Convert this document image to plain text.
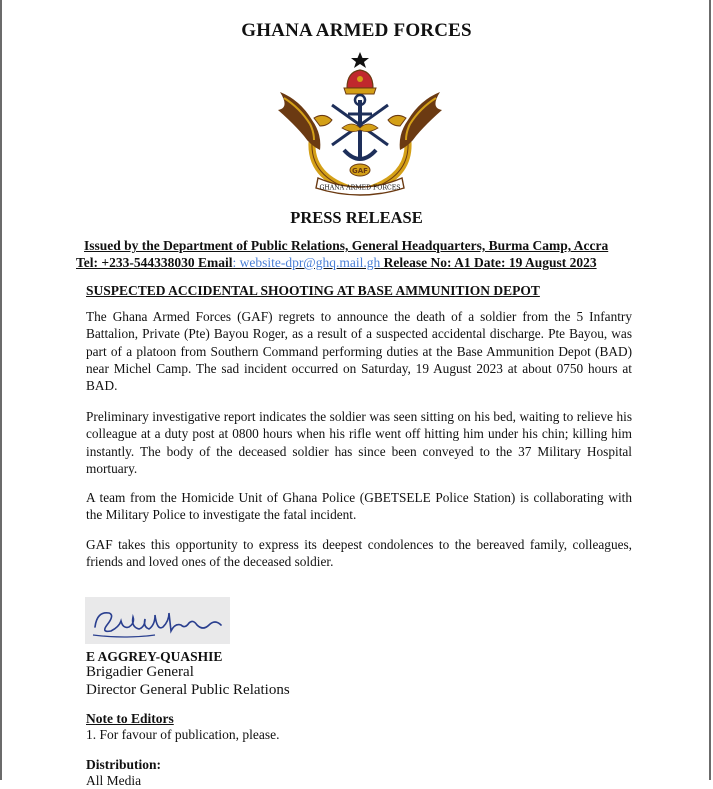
GHANA ARMED FORCES
GAF
GHANA ARMED FORCES
PRESS RELEASE
Issued by the Department of Public Relations, General Headquarters, Burma Camp, Accra
Tel: +233-544338030 Email: website-dpr@ghq.mail.gh Release No: A1 Date: 19 August 2023
SUSPECTED ACCIDENTAL SHOOTING AT BASE AMMUNITION DEPOT

The Ghana Armed Forces (GAF) regrets to announce the death of a soldier from the 5 Infantry Battalion, Private (Pte) Bayou Roger, as a result of a suspected accidental discharge. Pte Bayou, was part of a platoon from Southern Command performing duties at the Base Ammunition Depot (BAD) near Michel Camp. The sad incident occurred on Saturday, 19 August 2023 at about 0750 hours at BAD.

Preliminary investigative report indicates the soldier was seen sitting on his bed, waiting to relieve his colleague at a duty post at 0800 hours when his rifle went off hitting him under his chin; killing him instantly. The body of the deceased soldier has since been conveyed to the 37 Military Hospital mortuary.

A team from the Homicide Unit of Ghana Police (GBETSELE Police Station) is collaborating with the Military Police to investigate the fatal incident.

GAF takes this opportunity to express its deepest condolences to the bereaved family, colleagues, friends and loved ones of the deceased soldier.

E AGGREY-QUASHIE
Brigadier General
Director General Public Relations
Note to Editors
1. For favour of publication, please.
Distribution:
All Media
